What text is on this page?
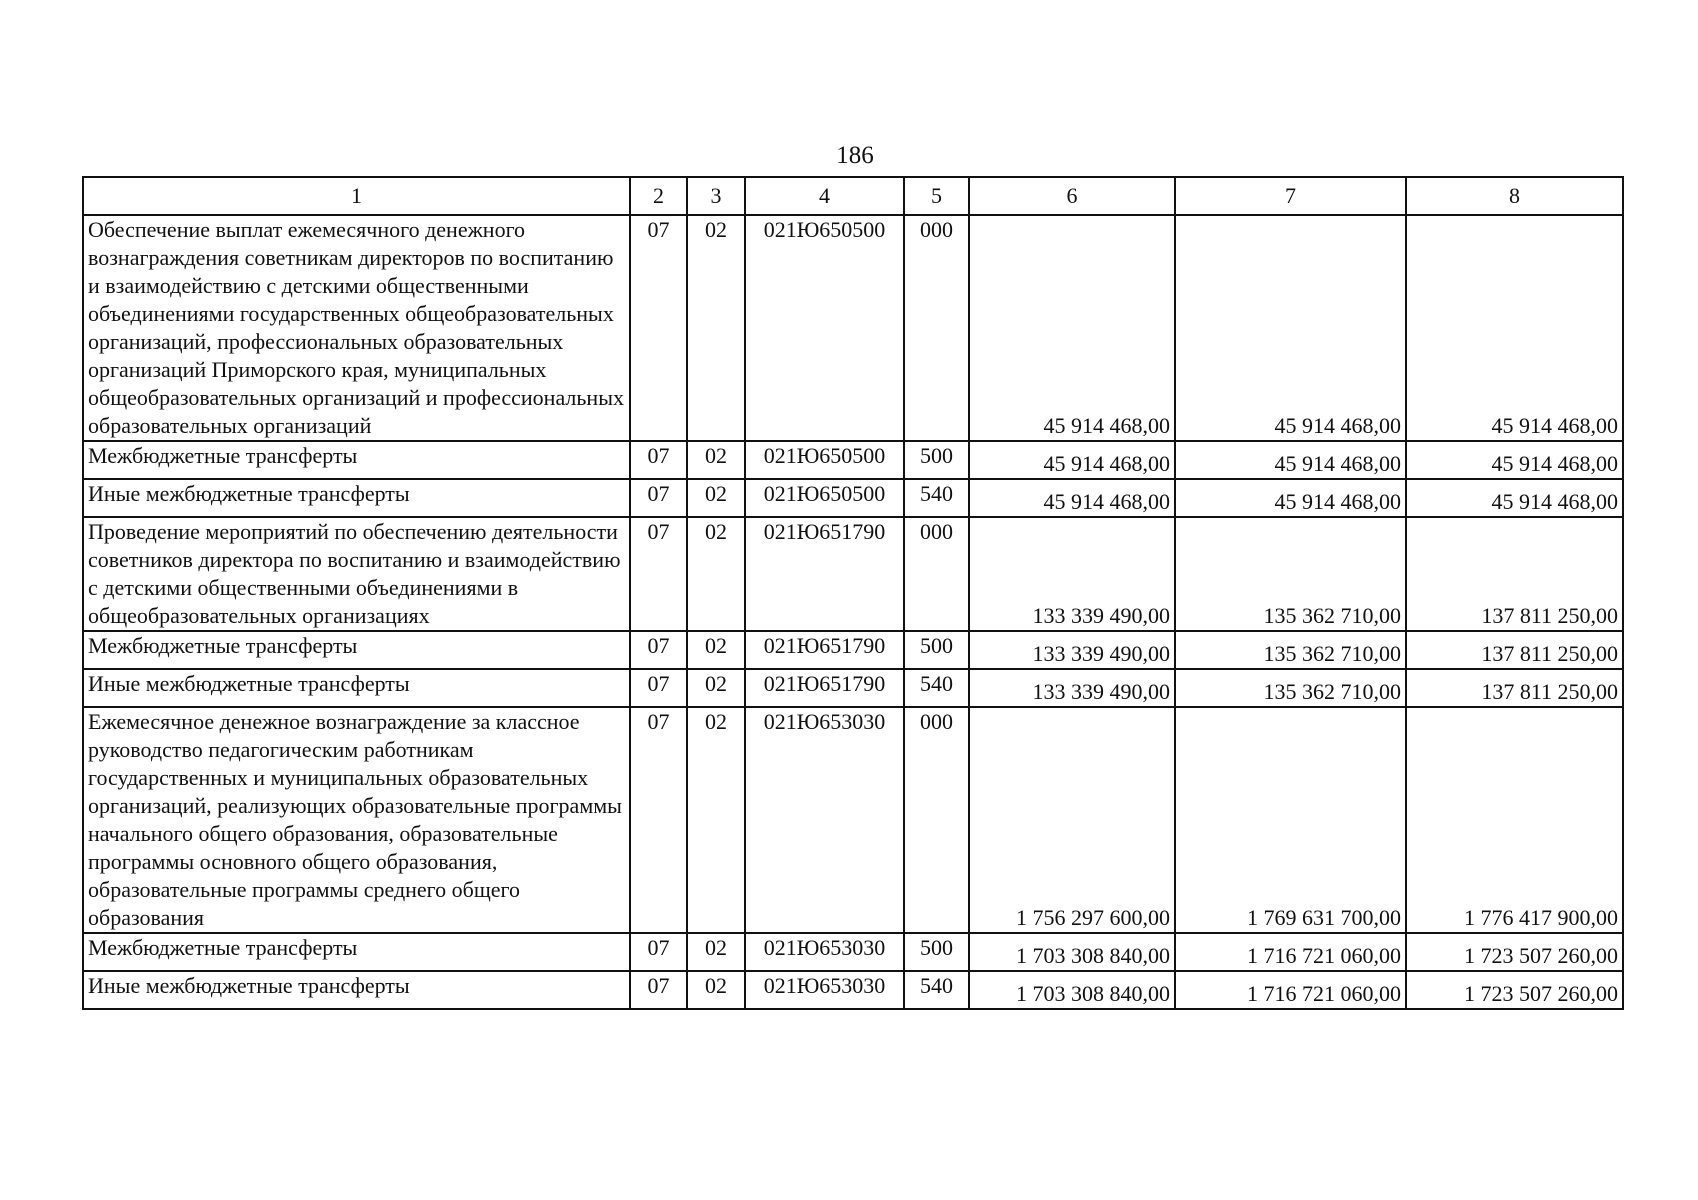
186
1	2	3	4	5	6	7	8
Обеспечение выплат ежемесячного денежного вознаграждения советникам директоров по воспитанию и взаимодействию с детскими общественными объединениями государственных общеобразовательных организаций, профессиональных образовательных организаций Приморского края, муниципальных общеобразовательных организаций и профессиональных образовательных организаций	07	02	021Ю650500	000	45 914 468,00	45 914 468,00	45 914 468,00
Межбюджетные трансферты	07	02	021Ю650500	500	45 914 468,00	45 914 468,00	45 914 468,00
Иные межбюджетные трансферты	07	02	021Ю650500	540	45 914 468,00	45 914 468,00	45 914 468,00
Проведение мероприятий по обеспечению деятельности советников директора по воспитанию и взаимодействию с детскими общественными объединениями в общеобразовательных организациях	07	02	021Ю651790	000	133 339 490,00	135 362 710,00	137 811 250,00
Межбюджетные трансферты	07	02	021Ю651790	500	133 339 490,00	135 362 710,00	137 811 250,00
Иные межбюджетные трансферты	07	02	021Ю651790	540	133 339 490,00	135 362 710,00	137 811 250,00
Ежемесячное денежное вознаграждение за классное руководство педагогическим работникам государственных и муниципальных образовательных организаций, реализующих образовательные программы начального общего образования, образовательные программы основного общего образования, образовательные программы среднего общего образования	07	02	021Ю653030	000	1 756 297 600,00	1 769 631 700,00	1 776 417 900,00
Межбюджетные трансферты	07	02	021Ю653030	500	1 703 308 840,00	1 716 721 060,00	1 723 507 260,00
Иные межбюджетные трансферты	07	02	021Ю653030	540	1 703 308 840,00	1 716 721 060,00	1 723 507 260,00
